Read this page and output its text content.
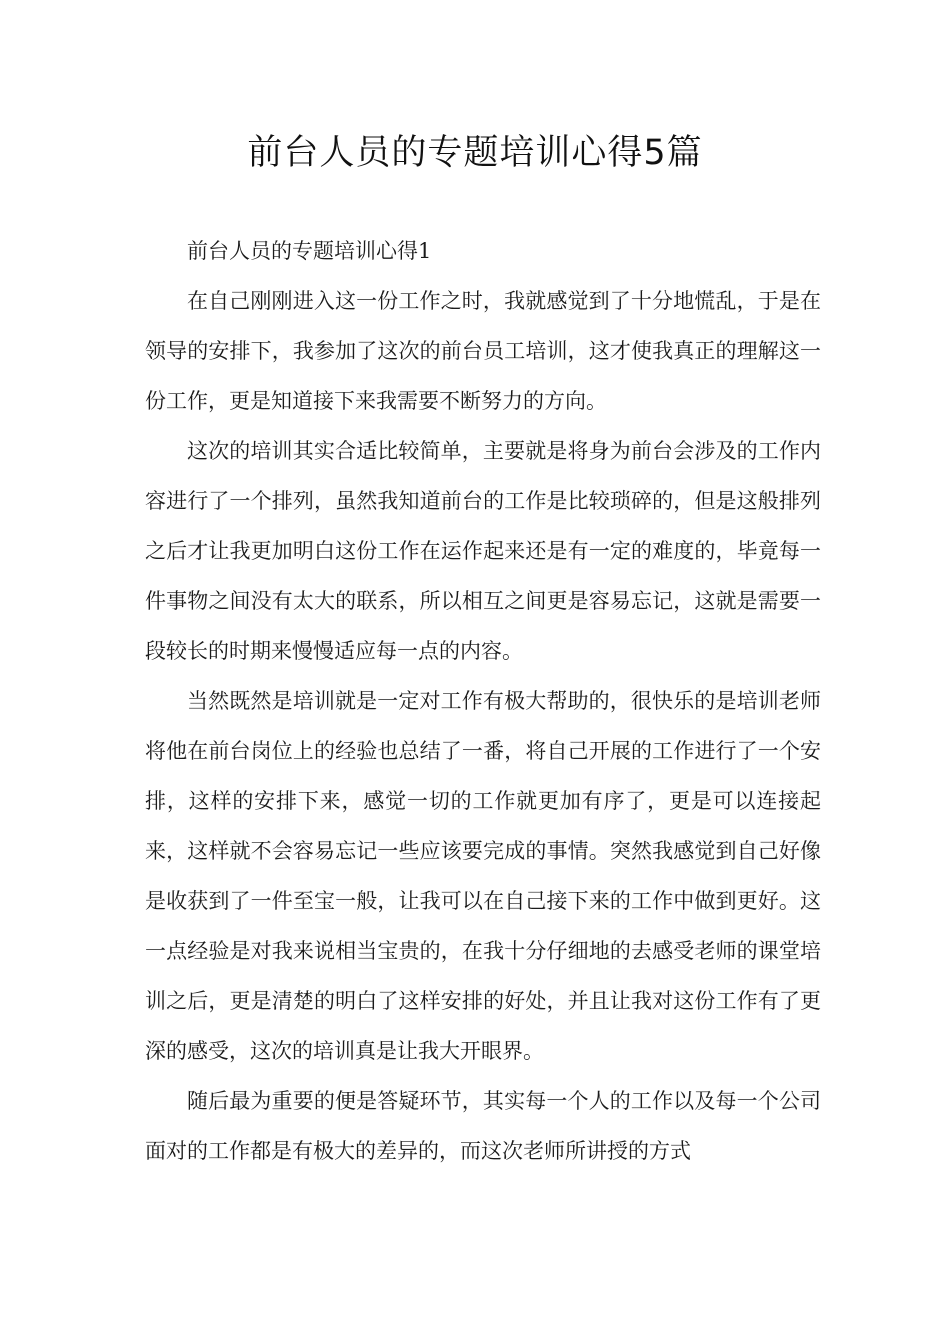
前台人员的专题培训心得5篇

前台人员的专题培训心得1

在自己刚刚进入这一份工作之时，我就感觉到了十分地慌乱，于是在领导的安排下，我参加了这次的前台员工培训，这才使我真正的理解这一份工作，更是知道接下来我需要不断努力的方向。

这次的培训其实合适比较简单，主要就是将身为前台会涉及的工作内容进行了一个排列，虽然我知道前台的工作是比较琐碎的，但是这般排列之后才让我更加明白这份工作在运作起来还是有一定的难度的，毕竟每一件事物之间没有太大的联系，所以相互之间更是容易忘记，这就是需要一段较长的时期来慢慢适应每一点的内容。

当然既然是培训就是一定对工作有极大帮助的，很快乐的是培训老师将他在前台岗位上的经验也总结了一番，将自己开展的工作进行了一个安排，这样的安排下来，感觉一切的工作就更加有序了，更是可以连接起来，这样就不会容易忘记一些应该要完成的事情。突然我感觉到自己好像是收获到了一件至宝一般，让我可以在自己接下来的工作中做到更好。这一点经验是对我来说相当宝贵的，在我十分仔细地的去感受老师的课堂培训之后，更是清楚的明白了这样安排的好处，并且让我对这份工作有了更深的感受，这次的培训真是让我大开眼界。

随后最为重要的便是答疑环节，其实每一个人的工作以及每一个公司面对的工作都是有极大的差异的，而这次老师所讲授的方式
